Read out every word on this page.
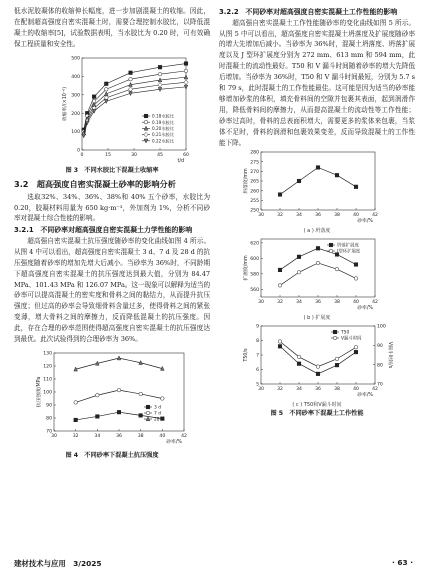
低水泥胶凝体的收缩伸长幅度，进一步加剧混凝土的收缩。因此，在配制超高强度自密实混凝土时，需要合理控制水胶比，以降低混凝土的收缩率[5]，试验数据表明，当水胶比为 0.20 时，可有效确保工程质量和安全性。

0	15	30	45	60
0
100
200
300
400
500
t/d
收缩率/(×10⁻⁶)	0.18水胶比
0.19水胶比
0.20水胶比
0.21水胶比
0.22水胶比
图 3　不同水胶比下混凝土收缩率
3.2　超高强度自密实混凝土砂率的影响分析

选取32%、34%、36%、38%和 40% 五个砂率，水胶比为 0.20，胶凝材料用量为 650 kg·m⁻³，外加剂为 1%，分析不同砂率对混凝土综合性能的影响。

3.2.1　不同砂率对超高强度自密实混凝土力学性能的影响

超高强自密实混凝土抗压强度随砂率的变化曲线如图 4 所示。从图 4 中可以看出，超高强度自密实混凝土 3 d、7 d 及 28 d 的抗压强度随着砂率的增加先增大后减小。当砂率为 36%时，不同龄期下超高强度自密实混凝土的抗压强度达到最大值，分别为 84.47 MPa、101.43 MPa 和 126.07 MPa。这一现象可以解释为适当的砂率可以提高混凝土的密实度和骨料之间的黏结力，从而提升抗压强度；但过高的砂率会导致细骨料含量过多，使得骨料之间的紧张变薄，增大骨料之间的摩擦力，反而降低混凝土的抗压强度。因此，存在合理的砂率范围使得超高强度自密实混凝土的抗压强度达到最优。此次试验得到的合理砂率为 36%。

30	32	34	36	38	40	42
70
80
90
100
110
120
130
砂率/%
抗压强度/MPa
3 d
7 d
28 d
图 4　不同砂率下混凝土抗压强度
3.2.2　不同砂率对超高强度自密实混凝土工作性能的影响

超高强自密实混凝土工作性能随砂率的变化曲线如图 5 所示。从图 5 中可以看出，超高强度自密实混凝土坍落度及扩展度随砂率的增大先增加后减小。当砂率为 36%时，混凝土坍落度、坍落扩展度以及 J 型环扩展度分别为 272 mm、613 mm 和 594 mm，此时混凝土的流动性最好。T50 和 V 漏斗时间随着砂率的增大先降低后增加。当砂率为 36%时，T50 和 V 漏斗时间最短，分别为 5.7 s 和 79 s，此时混凝土的工作性能最佳。这可能是因为适当的砂率能够增加砂浆的体积，填充骨料间的空隙并包裹其表面，起到润滑作用，降低骨料间的摩擦力，从而提高混凝土的流动性等工作性能；砂率过高时，骨料的总表面积增大，需要更多的浆体来包裹，当浆体不足时，骨料的润滑和包裹效果变差，反而导致混凝土的工作性能下降。

30	32	34	36	38	40	42
250
255
260
265
270
275
280
砂率/%
坍落度/mm
( a ) 坍落度
30	32	34	36	38	40	42
560
580
600
620
砂率/%
扩展度/mm
坍落扩展度
J型环扩展度
( b ) 扩展度
30	32	34	36	38	40	42
5
6
7
8
9
70
80
90
100
V漏斗时间/s
砂率/%
T50/s
T50
V漏斗时间
( c ) T50和V漏斗时间
图 5　不同砂率下混凝土工作性能
建材技术与应用　3/2025	· 63 ·
